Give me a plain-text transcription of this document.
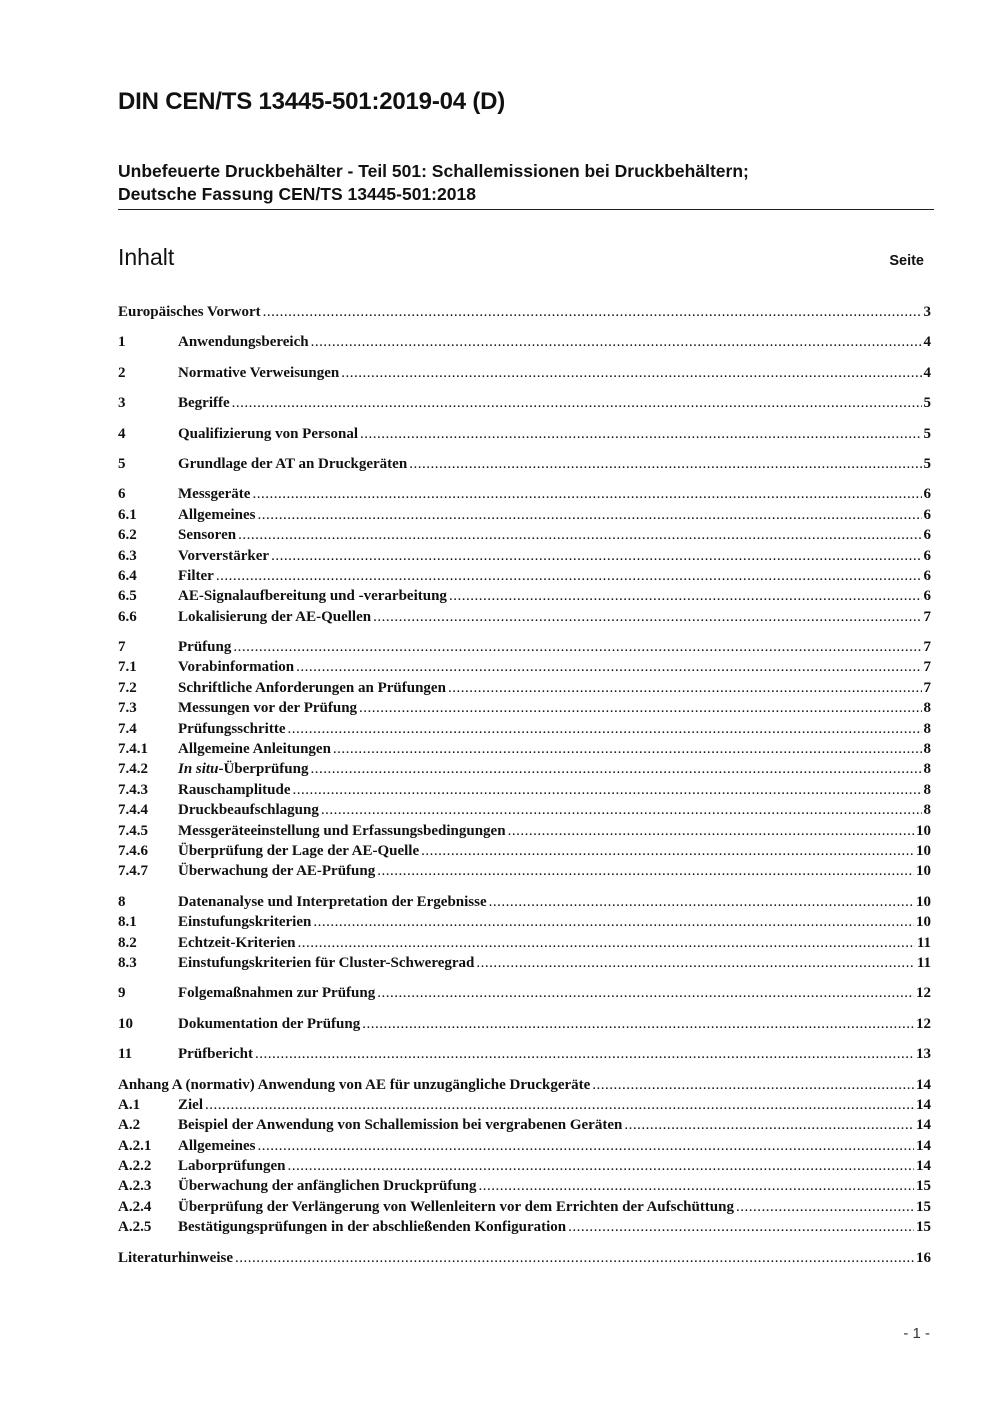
DIN CEN/TS 13445-501:2019-04 (D)
Unbefeuerte Druckbehälter - Teil 501: Schallemissionen bei Druckbehältern;
Deutsche Fassung CEN/TS 13445-501:2018
Inhalt	Seite
Europäisches Vorwort .....	3
1	Anwendungsbereich .....	4
2	Normative Verweisungen .....	4
3	Begriffe .....	5
4	Qualifizierung von Personal .....	5
5	Grundlage der AT an Druckgeräten .....	5
6	Messgeräte .....	6
6.1	Allgemeines .....	6
6.2	Sensoren .....	6
6.3	Vorverstärker .....	6
6.4	Filter .....	6
6.5	AE-Signalaufbereitung und -verarbeitung .....	6
6.6	Lokalisierung der AE-Quellen .....	7
7	Prüfung .....	7
7.1	Vorabinformation .....	7
7.2	Schriftliche Anforderungen an Prüfungen .....	7
7.3	Messungen vor der Prüfung .....	8
7.4	Prüfungsschritte .....	8
7.4.1	Allgemeine Anleitungen .....	8
7.4.2	In situ-Überprüfung .....	8
7.4.3	Rauschamplitude .....	8
7.4.4	Druckbeaufschlagung .....	8
7.4.5	Messgeräteeinstellung und Erfassungsbedingungen .....	10
7.4.6	Überprüfung der Lage der AE-Quelle .....	10
7.4.7	Überwachung der AE-Prüfung .....	10
8	Datenanalyse und Interpretation der Ergebnisse .....	10
8.1	Einstufungskriterien .....	10
8.2	Echtzeit-Kriterien .....	11
8.3	Einstufungskriterien für Cluster-Schweregrad .....	11
9	Folgemaßnahmen zur Prüfung .....	12
10	Dokumentation der Prüfung .....	12
11	Prüfbericht .....	13
Anhang A (normativ) Anwendung von AE für unzugängliche Druckgeräte .....	14
A.1	Ziel .....	14
A.2	Beispiel der Anwendung von Schallemission bei vergrabenen Geräten .....	14
A.2.1	Allgemeines .....	14
A.2.2	Laborprüfungen .....	14
A.2.3	Überwachung der anfänglichen Druckprüfung .....	15
A.2.4	Überprüfung der Verlängerung von Wellenleitern vor dem Errichten der Aufschüttung .....	15
A.2.5	Bestätigungsprüfungen in der abschließenden Konfiguration .....	15
Literaturhinweise .....	16
- 1 -
